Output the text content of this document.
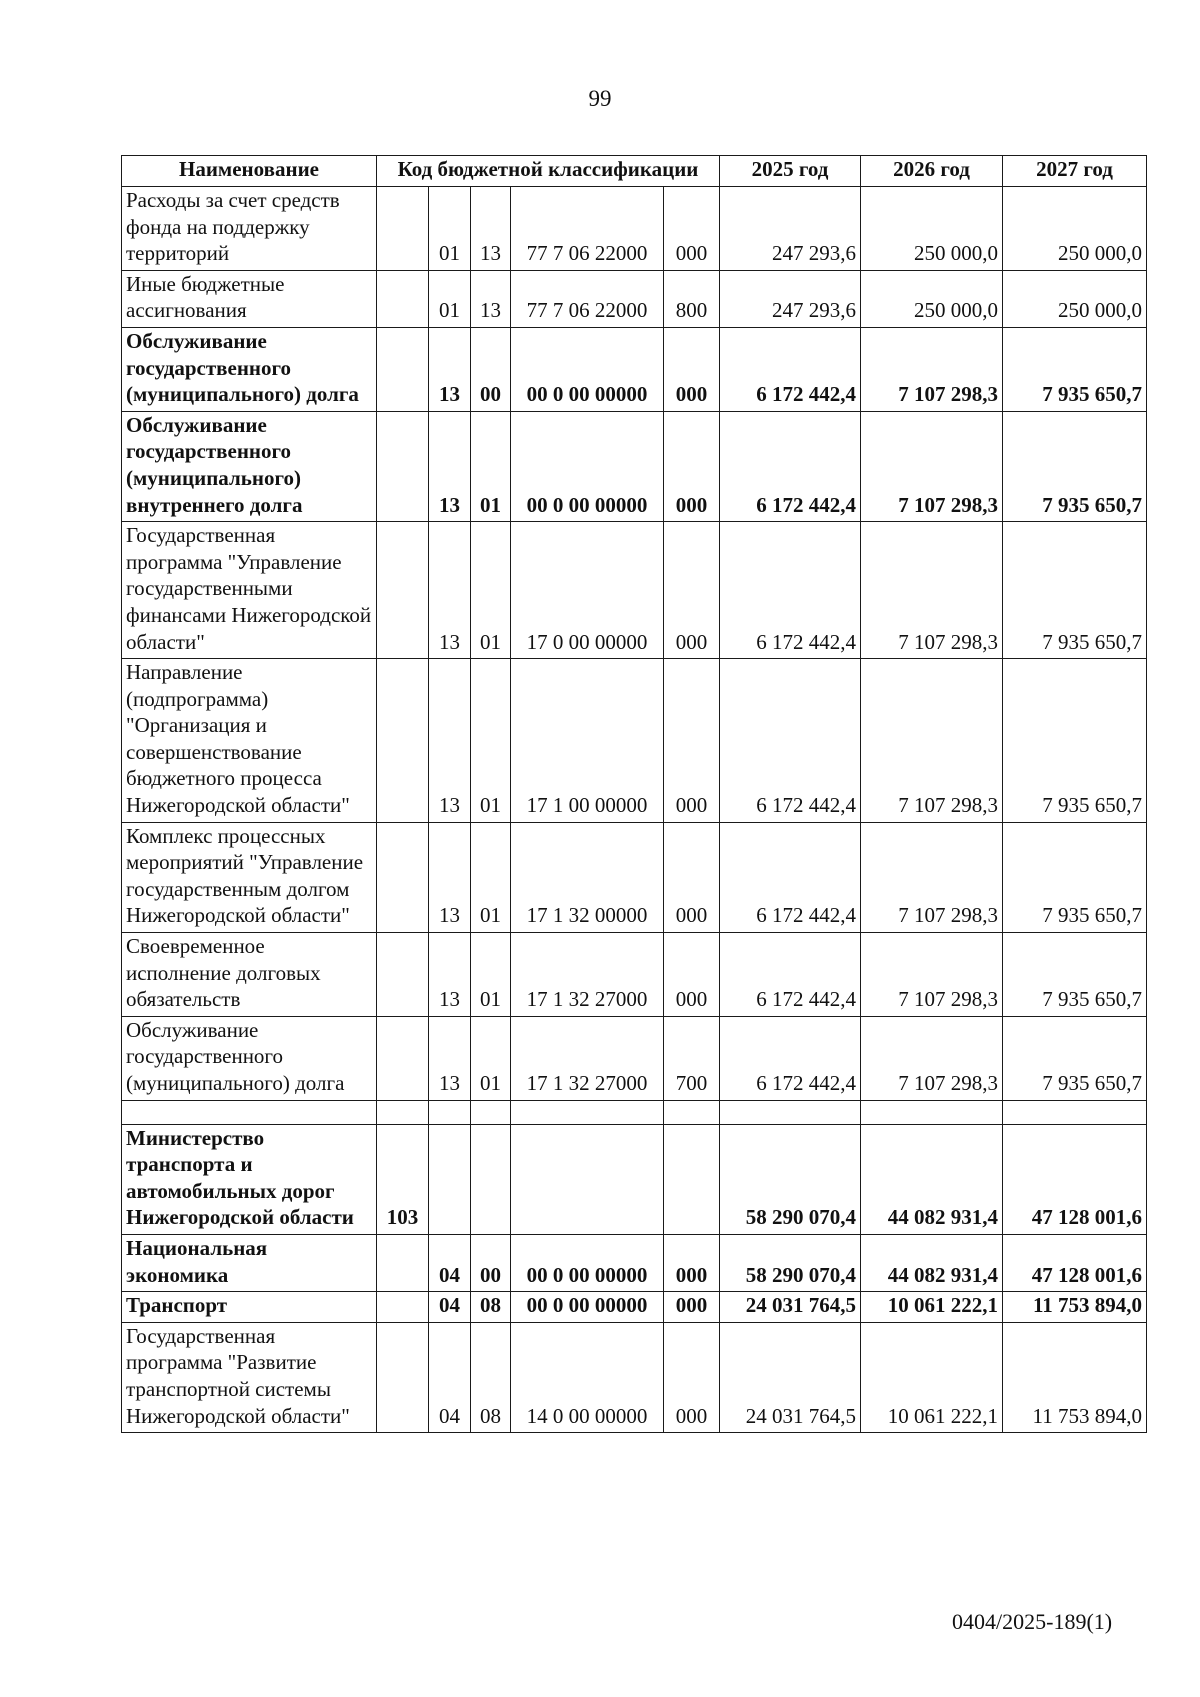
99
Наименование	Код бюджетной классификации					2025 год	2026 год	2027 год
Расходы за счет средств фонда на поддержку территорий		01	13	77 7 06 22000	000	247 293,6	250 000,0	250 000,0
Иные бюджетные ассигнования		01	13	77 7 06 22000	800	247 293,6	250 000,0	250 000,0
Обслуживание государственного (муниципального) долга		13	00	00 0 00 00000	000	6 172 442,4	7 107 298,3	7 935 650,7
Обслуживание государственного (муниципального) внутреннего долга		13	01	00 0 00 00000	000	6 172 442,4	7 107 298,3	7 935 650,7
Государственная программа "Управление государственными финансами Нижегородской области"		13	01	17 0 00 00000	000	6 172 442,4	7 107 298,3	7 935 650,7
Направление (подпрограмма) "Организация и совершенствование бюджетного процесса Нижегородской области"		13	01	17 1 00 00000	000	6 172 442,4	7 107 298,3	7 935 650,7
Комплекс процессных мероприятий "Управление государственным долгом Нижегородской области"		13	01	17 1 32 00000	000	6 172 442,4	7 107 298,3	7 935 650,7
Своевременное исполнение долговых обязательств		13	01	17 1 32 27000	000	6 172 442,4	7 107 298,3	7 935 650,7
Обслуживание государственного (муниципального) долга		13	01	17 1 32 27000	700	6 172 442,4	7 107 298,3	7 935 650,7

Министерство транспорта и автомобильных дорог Нижегородской области	103					58 290 070,4	44 082 931,4	47 128 001,6
Национальная экономика		04	00	00 0 00 00000	000	58 290 070,4	44 082 931,4	47 128 001,6
Транспорт		04	08	00 0 00 00000	000	24 031 764,5	10 061 222,1	11 753 894,0
Государственная программа "Развитие транспортной системы Нижегородской области"		04	08	14 0 00 00000	000	24 031 764,5	10 061 222,1	11 753 894,0
0404/2025-189(1)
